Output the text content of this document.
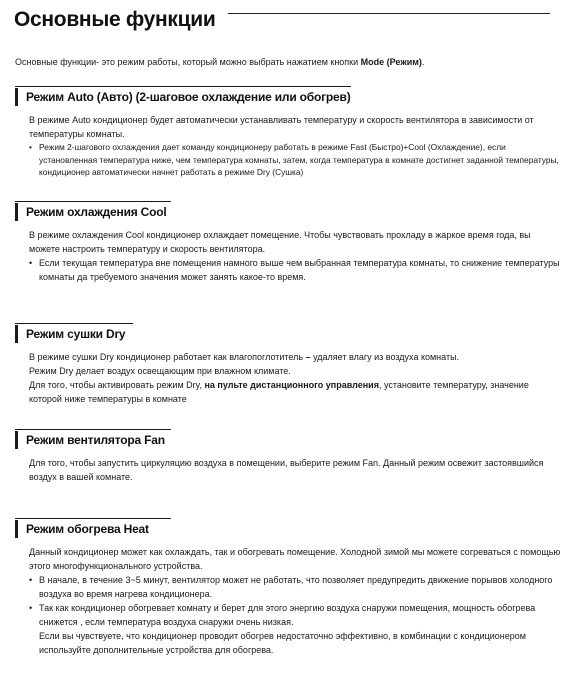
Основные функции
Основные функции- это режим работы, который можно выбрать нажатием кнопки Mode (Режим).
Режим Auto (Авто) (2-шаговое охлаждение или обогрев)

В режиме Auto кондиционер будет автоматически устанавливать температуру и скорость вентилятора в зависимости от температуры комнаты.

• Режим 2-шагового охлаждения дает команду кондиционеру работать в режиме Fast (Быстро)+Cool (Охлаждение), если установленная температура ниже, чем температура комнаты, затем, когда температура в комнате достигнет заданной температуры, кондиционер автоматически начнет работать в режиме Dry (Сушка)

Режим охлаждения Cool

В режиме охлаждения Cool кондиционер охлаждает помещение. Чтобы чувствовать прохладу в жаркое время года, вы можете настроить температуру и скорость вентилятора.

• Если текущая температура вне помещения намного выше чем выбранная температура комнаты, то снижение температуры комнаты да требуемого значения может занять какое-то время.

Режим сушки Dry

В режиме сушки Dry кондиционер работает как влагопоглотитель – удаляет влагу из воздуха комнаты.

Режим Dry делает воздух освещающим при влажном климате.

Для того, чтобы активировать режим Dry, на пульте дистанционного управления, установите температуру, значение которой ниже температуры в комнате

Режим вентилятора Fan

Для того, чтобы запустить циркуляцию воздуха в помещении, выберите режим Fan. Данный режим освежит застоявшийся воздух в вашей комнате.

Режим обогрева Heat

Данный кондиционер может как охлаждать, так и обогревать помещение. Холодной зимой мы можете согреваться с помощью этого многофункционального устройства.

• В начале, в течение 3~5 минут, вентилятор может не работать, что позволяет предупредить движение порывов холодного воздуха во время нагрева кондиционера.

• Так как кондиционер обогревает комнату и берет для этого энергию воздуха снаружи помещения, мощность обогрева снижется , если температура воздуха снаружи очень низкая.

Если вы чувствуете, что кондиционер проводит обогрев недостаточно эффективно, в комбинации с кондиционером используйте дополнительные устройства для обогрева.
